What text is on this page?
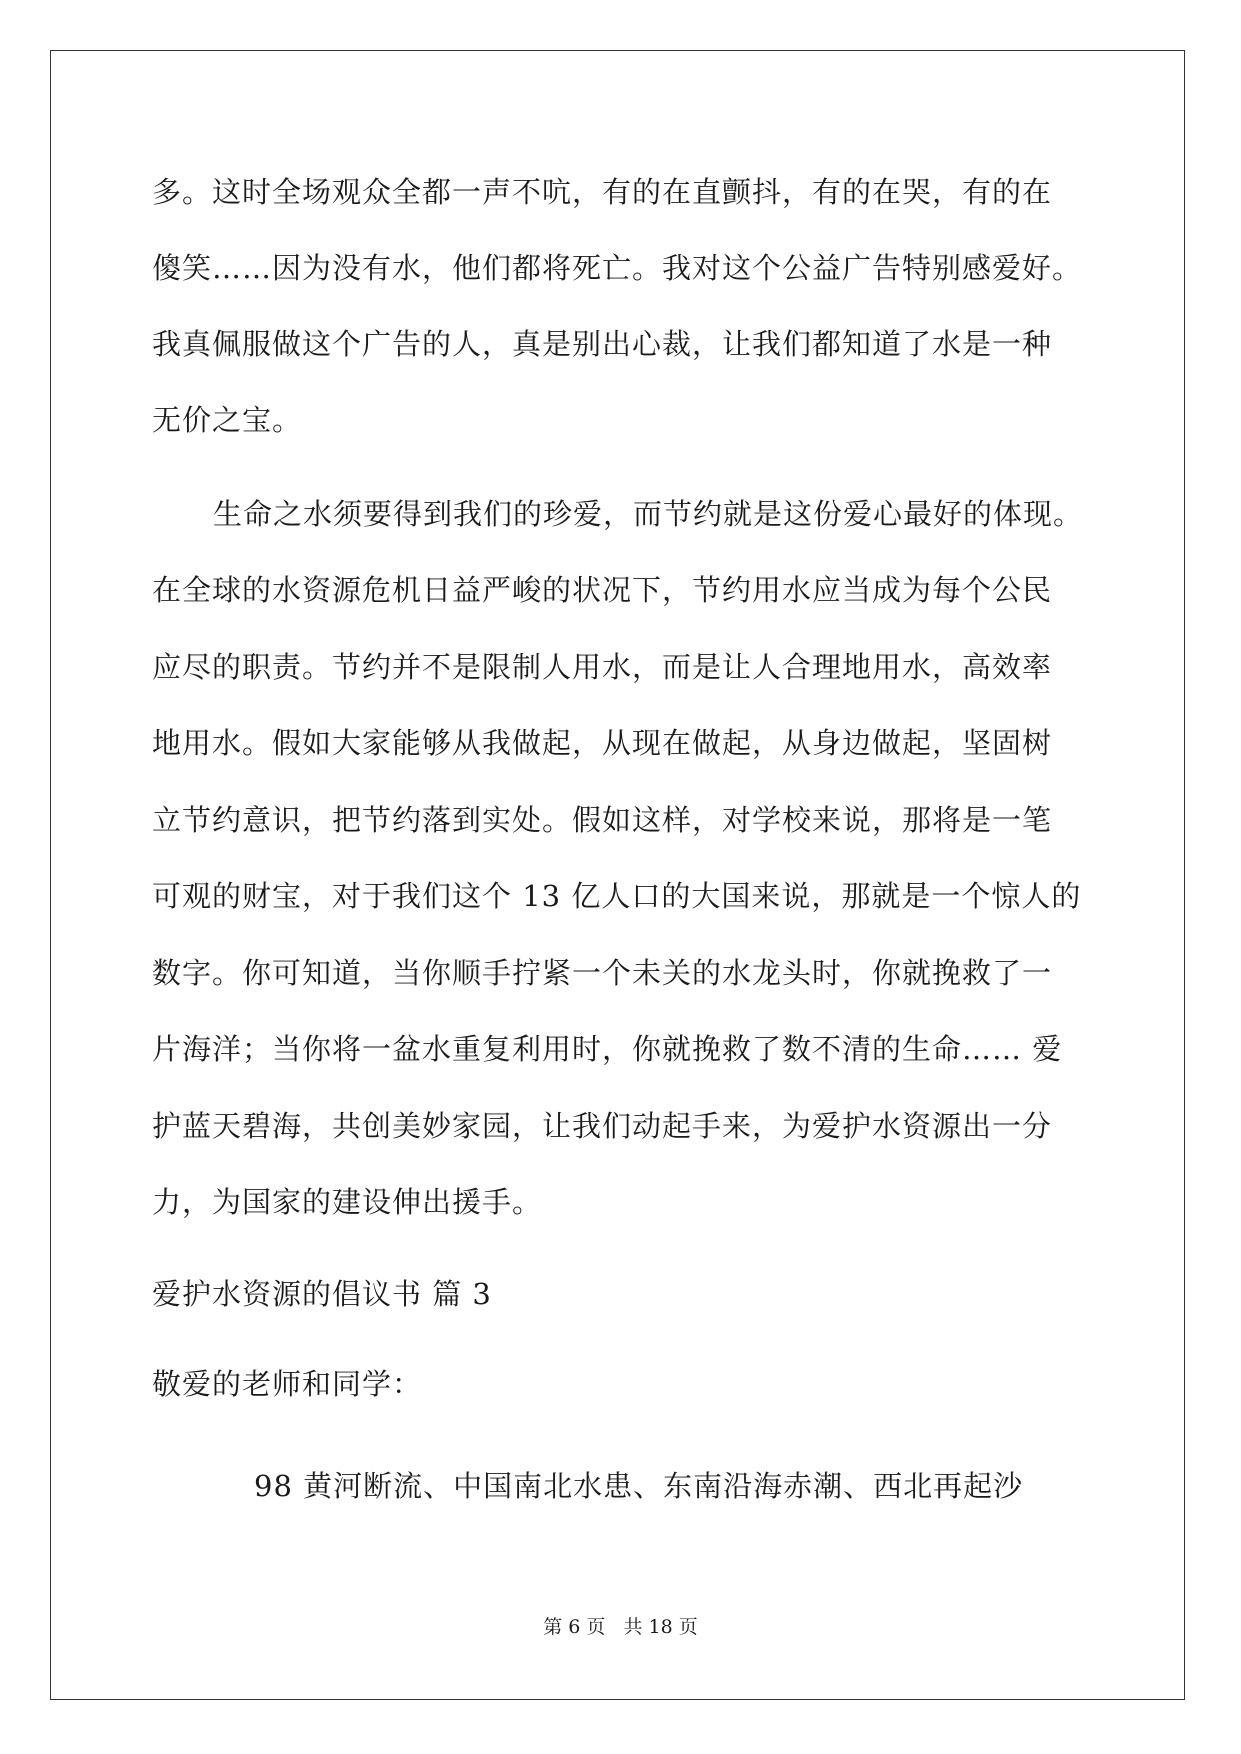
多。这时全场观众全都一声不吭，有的在直颤抖，有的在哭，有的在
傻笑……因为没有水，他们都将死亡。我对这个公益广告特别感爱好。
我真佩服做这个广告的人，真是别出心裁，让我们都知道了水是一种
无价之宝。
生命之水须要得到我们的珍爱，而节约就是这份爱心最好的体现。
在全球的水资源危机日益严峻的状况下，节约用水应当成为每个公民
应尽的职责。节约并不是限制人用水，而是让人合理地用水，高效率
地用水。假如大家能够从我做起，从现在做起，从身边做起，坚固树
立节约意识，把节约落到实处。假如这样，对学校来说，那将是一笔
可观的财宝，对于我们这个 13 亿人口的大国来说，那就是一个惊人的
数字。你可知道，当你顺手拧紧一个未关的水龙头时，你就挽救了一
片海洋；当你将一盆水重复利用时，你就挽救了数不清的生命…… 爱
护蓝天碧海，共创美妙家园，让我们动起手来，为爱护水资源出一分
力，为国家的建设伸出援手。
爱护水资源的倡议书 篇 3
敬爱的老师和同学：
98 黄河断流、中国南北水患、东南沿海赤潮、西北再起沙
第 6 页 共 18 页
